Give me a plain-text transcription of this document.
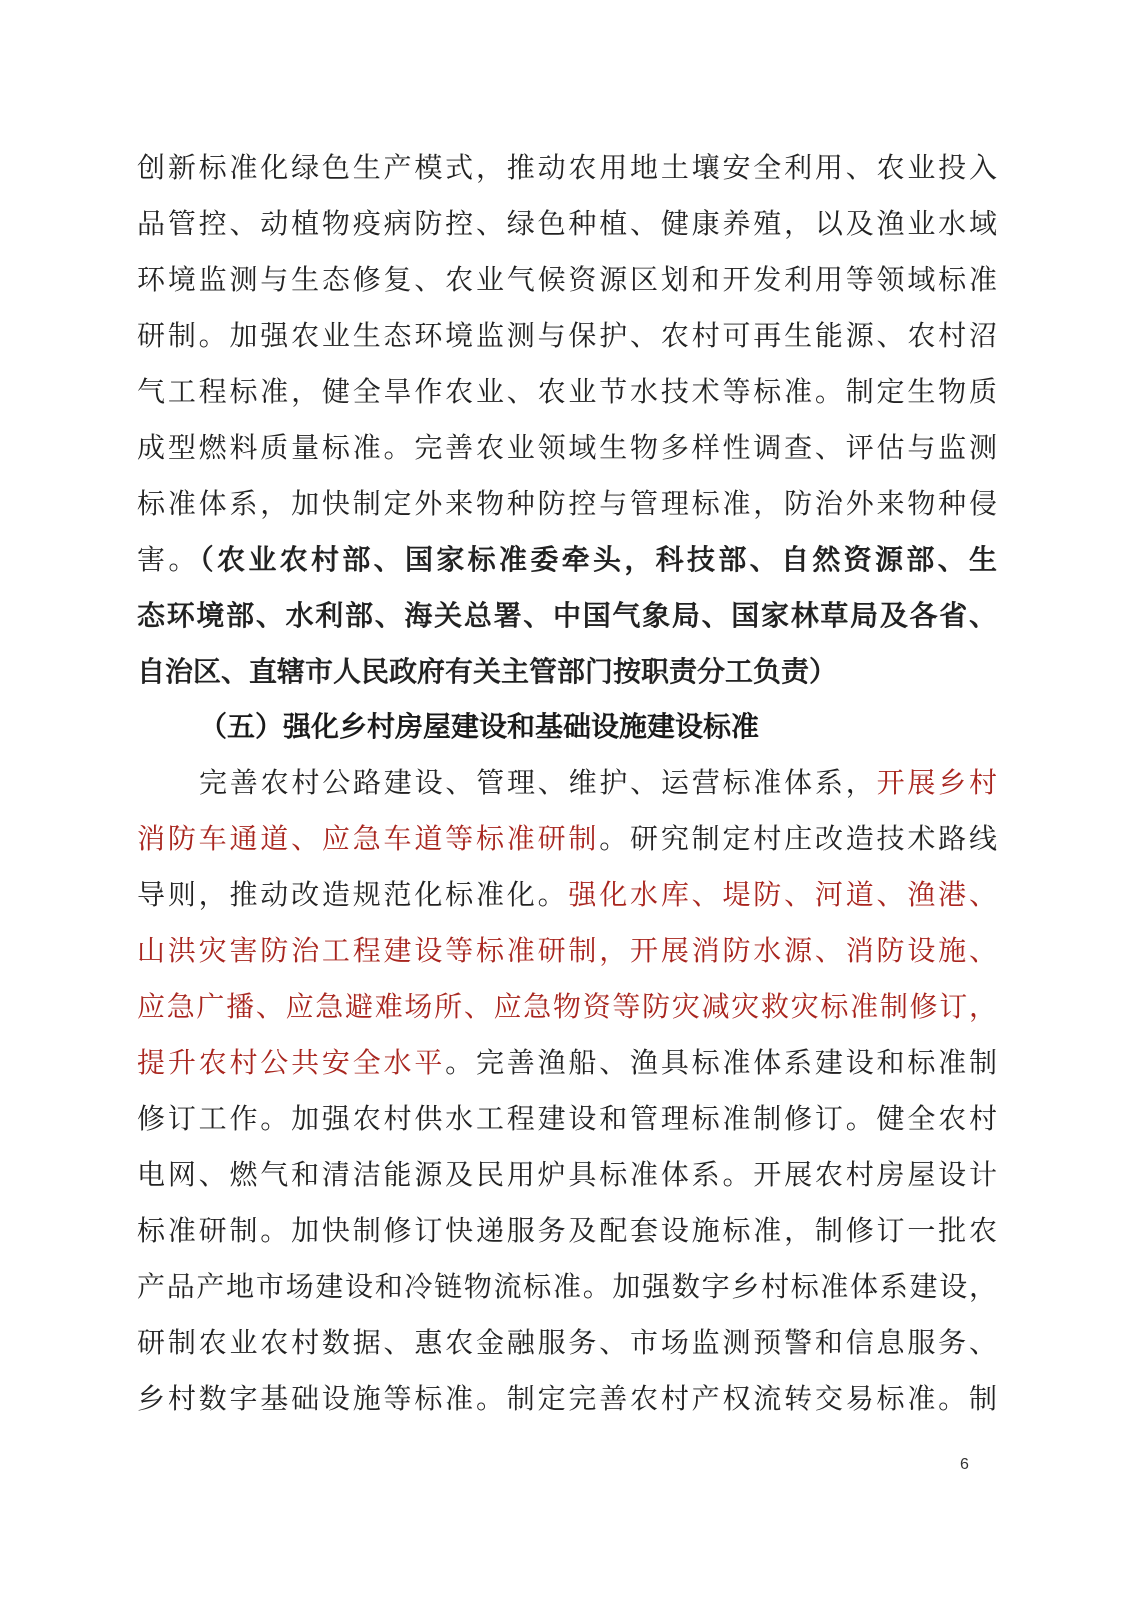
创新标准化绿色生产模式，推动农用地土壤安全利用、农业投入
品管控、动植物疫病防控、绿色种植、健康养殖，以及渔业水域
环境监测与生态修复、农业气候资源区划和开发利用等领域标准
研制。加强农业生态环境监测与保护、农村可再生能源、农村沼
气工程标准，健全旱作农业、农业节水技术等标准。制定生物质
成型燃料质量标准。完善农业领域生物多样性调查、评估与监测
标准体系，加快制定外来物种防控与管理标准，防治外来物种侵
害。（农业农村部、国家标准委牵头，科技部、自然资源部、生
态环境部、水利部、海关总署、中国气象局、国家林草局及各省、
自治区、直辖市人民政府有关主管部门按职责分工负责）
（五）强化乡村房屋建设和基础设施建设标准
完善农村公路建设、管理、维护、运营标准体系，开展乡村
消防车通道、应急车道等标准研制。研究制定村庄改造技术路线
导则，推动改造规范化标准化。强化水库、堤防、河道、渔港、
山洪灾害防治工程建设等标准研制，开展消防水源、消防设施、
应急广播、应急避难场所、应急物资等防灾减灾救灾标准制修订，
提升农村公共安全水平。完善渔船、渔具标准体系建设和标准制
修订工作。加强农村供水工程建设和管理标准制修订。健全农村
电网、燃气和清洁能源及民用炉具标准体系。开展农村房屋设计
标准研制。加快制修订快递服务及配套设施标准，制修订一批农
产品产地市场建设和冷链物流标准。加强数字乡村标准体系建设，
研制农业农村数据、惠农金融服务、市场监测预警和信息服务、
乡村数字基础设施等标准。制定完善农村产权流转交易标准。制
6
